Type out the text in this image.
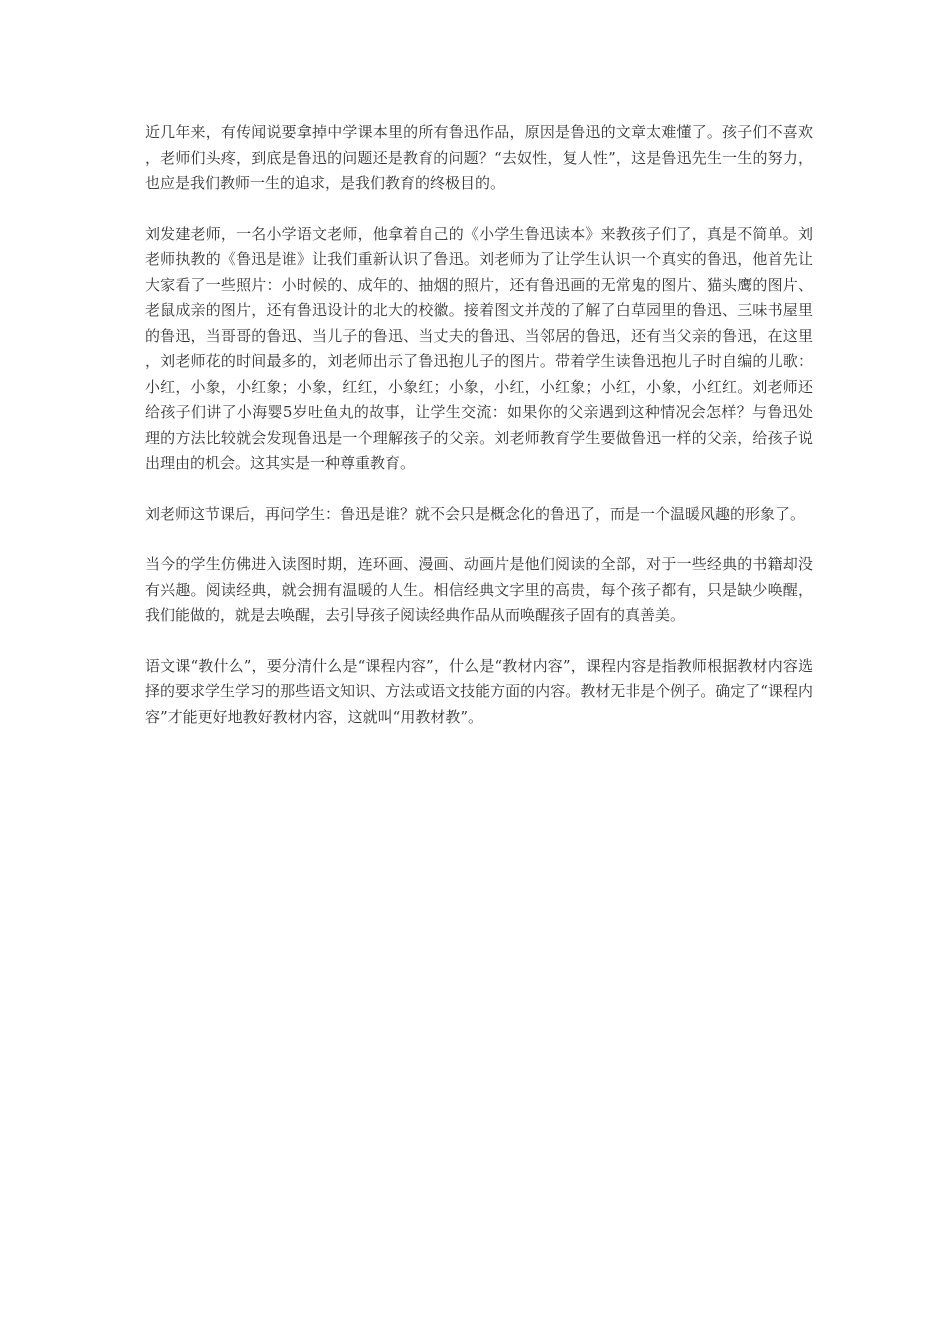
近几年来，有传闻说要拿掉中学课本里的所有鲁迅作品，原因是鲁迅的文章太难懂了。孩子们不喜欢，老师们头疼，到底是鲁迅的问题还是教育的问题？“去奴性，复人性”，这是鲁迅先生一生的努力，也应是我们教师一生的追求，是我们教育的终极目的。

刘发建老师，一名小学语文老师，他拿着自己的《小学生鲁迅读本》来教孩子们了，真是不简单。刘老师执教的《鲁迅是谁》让我们重新认识了鲁迅。刘老师为了让学生认识一个真实的鲁迅，他首先让大家看了一些照片：小时候的、成年的、抽烟的照片，还有鲁迅画的无常鬼的图片、猫头鹰的图片、老鼠成亲的图片，还有鲁迅设计的北大的校徽。接着图文并茂的了解了白草园里的鲁迅、三味书屋里的鲁迅，当哥哥的鲁迅、当儿子的鲁迅、当丈夫的鲁迅、当邻居的鲁迅，还有当父亲的鲁迅，在这里，刘老师花的时间最多的，刘老师出示了鲁迅抱儿子的图片。带着学生读鲁迅抱儿子时自编的儿歌：小红，小象，小红象；小象，红红，小象红；小象，小红，小红象；小红，小象，小红红。刘老师还给孩子们讲了小海婴5岁吐鱼丸的故事，让学生交流：如果你的父亲遇到这种情况会怎样？与鲁迅处理的方法比较就会发现鲁迅是一个理解孩子的父亲。刘老师教育学生要做鲁迅一样的父亲，给孩子说出理由的机会。这其实是一种尊重教育。

刘老师这节课后，再问学生：鲁迅是谁？就不会只是概念化的鲁迅了，而是一个温暖风趣的形象了。

当今的学生仿佛进入读图时期，连环画、漫画、动画片是他们阅读的全部，对于一些经典的书籍却没有兴趣。阅读经典，就会拥有温暖的人生。相信经典文字里的高贵，每个孩子都有，只是缺少唤醒，我们能做的，就是去唤醒，去引导孩子阅读经典作品从而唤醒孩子固有的真善美。

语文课“教什么”，要分清什么是“课程内容”，什么是“教材内容”，课程内容是指教师根据教材内容选择的要求学生学习的那些语文知识、方法或语文技能方面的内容。教材无非是个例子。确定了“课程内容”才能更好地教好教材内容，这就叫“用教材教”。
